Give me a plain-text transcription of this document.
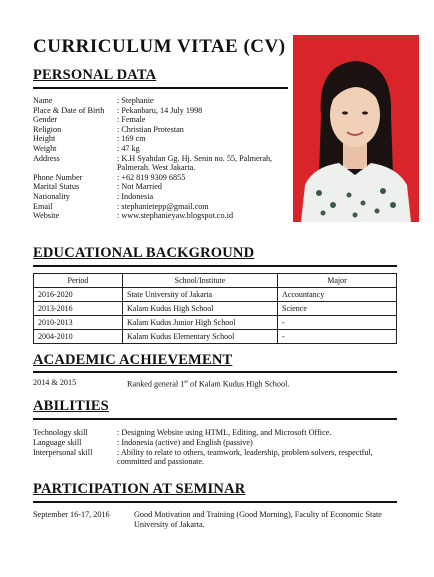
CURRICULUM VITAE (CV)
PERSONAL DATA
Name	: Stephanie
Place & Date of Birth	: Pekanbaru, 14 July 1998
Gender	: Female
Religion	: Christian Protestan
Height	: 169 cm
Weight	: 47 kg
Address	: K.H Syahdan Gg. Hj. Senin no. 55, Palmerah, Palmerah. West Jakarta.
Phone Number	: +62 819 9309 6855
Marital Status	: Not Married
Nationality	: Indonesia
Email	: stephanietepp@gmail.com
Website	: www.stephanieyaw.blogspot.co.id
EDUCATIONAL BACKGROUND
Period	School/Institute	Major
2016-2020	State University of Jakarta	Accountancy
2013-2016	Kalam Kudus High School	Science
2010-2013	Kalam Kudus Junior High School	-
2004-2010	Kalam Kudus Elementary School	-
ACADEMIC ACHIEVEMENT
2014 & 2015	Ranked general 1st of Kalam Kudus High School.
ABILITIES
Technology skill	: Designing Website using HTML, Editing, and Microsoft Office.
Language skill	: Indonesia (active) and English (passive)
Interpersonal skill	: Ability to relate to others, teamwork, leadership, problem solvers, respectful, committed and passionate.
PARTICIPATION AT SEMINAR
September 16-17, 2016	Good Motivation and Training (Good Morning), Faculty of Economic State University of Jakarta.
